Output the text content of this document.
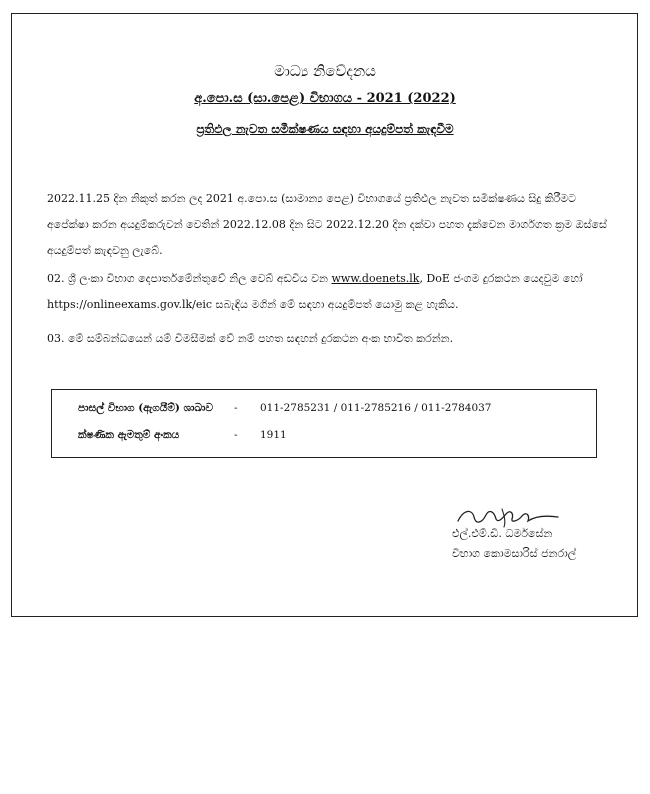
මාධ්‍ය නිවේදනය
අ.පො.ස (සා.පෙළ) විභාගය - 2021 (2022)
ප්‍රතිඵල නැවත සමීක්ෂණය සඳහා අයදුම්පත් කැඳවීම
2022.11.25 දින නිකුත් කරන ලද 2021 අ.පො.ස (සාමාන්‍ය පෙළ) විභාගයේ ප්‍රතිඵල නැවත සමීක්ෂණය සිදු කිරීමට අපේක්ෂා කරන අයදුම්කරුවන් වෙතින් 2022.12.08 දින සිට 2022.12.20 දින දක්වා පහත දැක්වෙන මාර්ගගත ක්‍රම ඔස්සේ අයදුම්පත් කැඳවනු ලැබේ.
02. ශ්‍රී ලංකා විභාග දෙපාර්තමේන්තුවේ නිල වෙබ් අඩවිය වන www.doenets.lk, DoE ජංගම දුරකථන යෙදවුම හෝ https://onlineexams.gov.lk/eic සබැඳිය මගින් මේ සඳහා අයදුම්පත් යොමු කළ හැකිය.
03. මේ සම්බන්ධයෙන් යම් විමසීමක් වේ නම් පහත සඳහන් දුරකථන අංක භාවිත කරන්න.
පාසල් විභාග (ඇගයීම්) ශාඛාව - 011-2785231 / 011-2785216 / 011-2784037
ක්ෂණික ඇමතුම් අංකය	- 1911
එල්.එම්.ඩී. ධර්මසේන
විභාග කොමසාරිස් ජනරාල්
